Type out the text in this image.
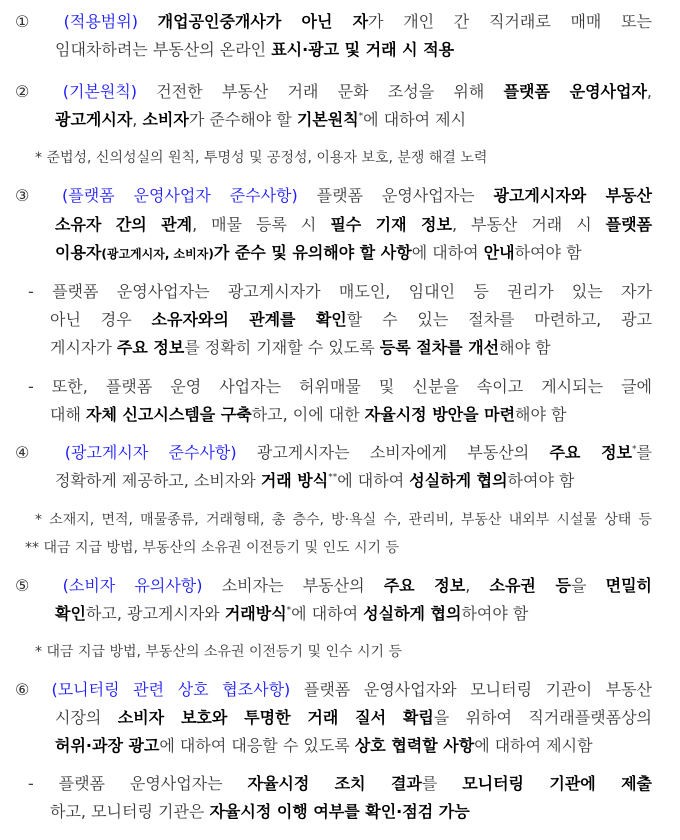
① (적용범위) 개업공인중개사가 아닌 자가 개인 간 직거래로 매매 또는
임대차하려는 부동산의 온라인 표시·광고 및 거래 시 적용
② (기본원칙) 건전한 부동산 거래 문화 조성을 위해 플랫폼 운영사업자,
광고게시자, 소비자가 준수해야 할 기본원칙*에 대하여 제시
* 준법성, 신의성실의 원칙, 투명성 및 공정성, 이용자 보호, 분쟁 해결 노력
③ (플랫폼 운영사업자 준수사항) 플랫폼 운영사업자는 광고게시자와 부동산
소유자 간의 관계, 매물 등록 시 필수 기재 정보, 부동산 거래 시 플랫폼
이용자(광고게시자, 소비자)가 준수 및 유의해야 할 사항에 대하여 안내하여야 함
- 플랫폼 운영사업자는 광고게시자가 매도인, 임대인 등 권리가 있는 자가
아닌 경우 소유자와의 관계를 확인할 수 있는 절차를 마련하고, 광고
게시자가 주요 정보를 정확히 기재할 수 있도록 등록 절차를 개선해야 함
- 또한, 플랫폼 운영 사업자는 허위매물 및 신분을 속이고 게시되는 글에
대해 자체 신고시스템을 구축하고, 이에 대한 자율시정 방안을 마련해야 함
④ (광고게시자 준수사항) 광고게시자는 소비자에게 부동산의 주요 정보*를
정확하게 제공하고, 소비자와 거래 방식**에 대하여 성실하게 협의하여야 함
* 소재지, 면적, 매물종류, 거래형태, 총 층수, 방·욕실 수, 관리비, 부동산 내외부 시설물 상태 등
** 대금 지급 방법, 부동산의 소유권 이전등기 및 인도 시기 등
⑤ (소비자 유의사항) 소비자는 부동산의 주요 정보, 소유권 등을 면밀히
확인하고, 광고게시자와 거래방식*에 대하여 성실하게 협의하여야 함
* 대금 지급 방법, 부동산의 소유권 이전등기 및 인수 시기 등
⑥ (모니터링 관련 상호 협조사항) 플랫폼 운영사업자와 모니터링 기관이 부동산
시장의 소비자 보호와 투명한 거래 질서 확립을 위하여 직거래플랫폼상의
허위·과장 광고에 대하여 대응할 수 있도록 상호 협력할 사항에 대하여 제시함
- 플랫폼 운영사업자는 자율시정 조치 결과를 모니터링 기관에 제출
하고, 모니터링 기관은 자율시정 이행 여부를 확인·점검 가능
